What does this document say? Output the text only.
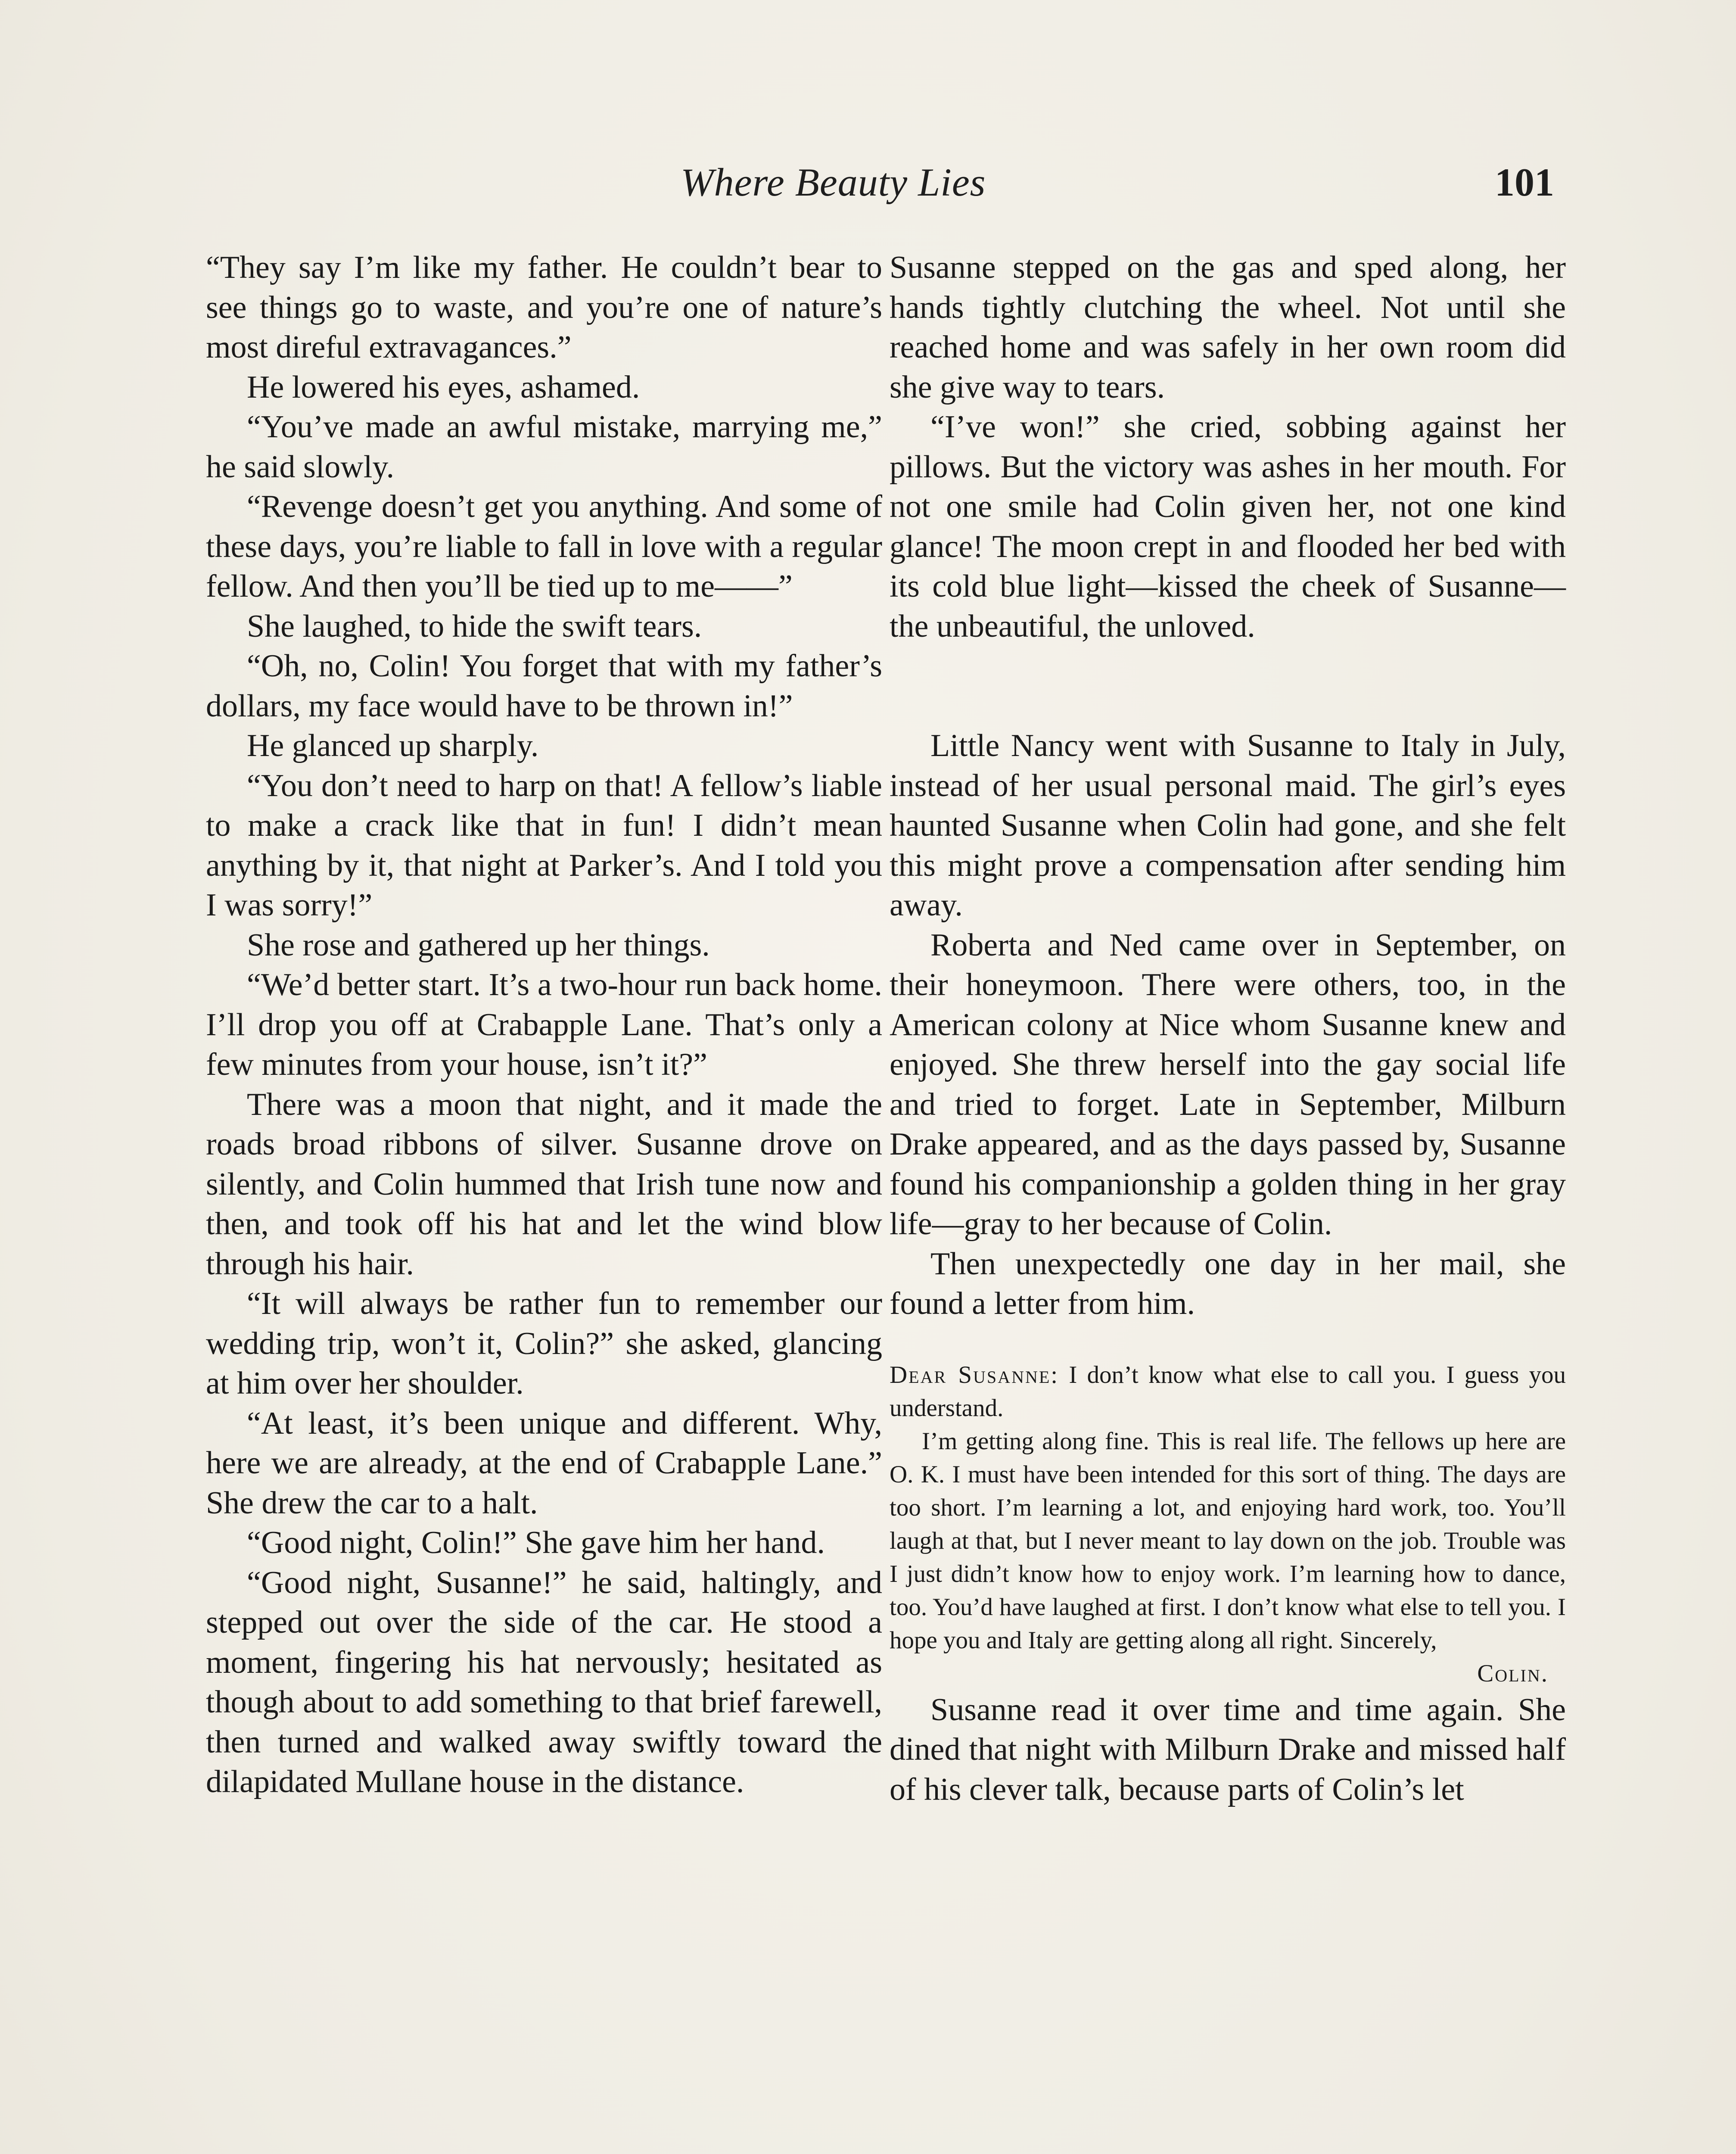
Where Beauty Lies	101

“They say I’m like my father. He couldn’t bear to see things go to waste, and you’re one of nature’s most direful extravagances.”

He lowered his eyes, ashamed.

“You’ve made an awful mistake, marrying me,” he said slowly.

“Revenge doesn’t get you anything. And some of these days, you’re liable to fall in love with a regular fellow. And then you’ll be tied up to me——”

She laughed, to hide the swift tears.

“Oh, no, Colin! You forget that with my father’s dollars, my face would have to be thrown in!”

He glanced up sharply.

“You don’t need to harp on that! A fellow’s liable to make a crack like that in fun! I didn’t mean anything by it, that night at Parker’s. And I told you I was sorry!”

She rose and gathered up her things.

“We’d better start. It’s a two-hour run back home. I’ll drop you off at Crabapple Lane. That’s only a few minutes from your house, isn’t it?”

There was a moon that night, and it made the roads broad ribbons of silver. Susanne drove on silently, and Colin hummed that Irish tune now and then, and took off his hat and let the wind blow through his hair.

“It will always be rather fun to remember our wedding trip, won’t it, Colin?” she asked, glancing at him over her shoulder.

“At least, it’s been unique and different. Why, here we are already, at the end of Crabapple Lane.” She drew the car to a halt.

“Good night, Colin!” She gave him her hand.

“Good night, Susanne!” he said, haltingly, and stepped out over the side of the car. He stood a moment, fingering his hat nervously; hesitated as though about to add something to that brief farewell, then turned and walked away swiftly toward the dilapidated Mullane house in the distance.

Susanne stepped on the gas and sped along, her hands tightly clutching the wheel. Not until she reached home and was safely in her own room did she give way to tears.

“I’ve won!” she cried, sobbing against her pillows. But the victory was ashes in her mouth. For not one smile had Colin given her, not one kind glance! The moon crept in and flooded her bed with its cold blue light—kissed the cheek of Susanne—the unbeautiful, the unloved.

Little Nancy went with Susanne to Italy in July, instead of her usual personal maid. The girl’s eyes haunted Susanne when Colin had gone, and she felt this might prove a compensation after sending him away.

Roberta and Ned came over in September, on their honeymoon. There were others, too, in the American colony at Nice whom Susanne knew and enjoyed. She threw herself into the gay social life and tried to forget. Late in September, Milburn Drake appeared, and as the days passed by, Susanne found his companionship a golden thing in her gray life—gray to her because of Colin.

Then unexpectedly one day in her mail, she found a letter from him.

Dear Susanne: I don’t know what else to call you. I guess you understand.

I’m getting along fine. This is real life. The fellows up here are O. K. I must have been intended for this sort of thing. The days are too short. I’m learning a lot, and enjoying hard work, too. You’ll laugh at that, but I never meant to lay down on the job. Trouble was I just didn’t know how to enjoy work. I’m learning how to dance, too. You’d have laughed at first. I don’t know what else to tell you. I hope you and Italy are getting along all right. Sincerely,

Colin.

Susanne read it over time and time again. She dined that night with Milburn Drake and missed half of his clever talk, because parts of Colin’s let
